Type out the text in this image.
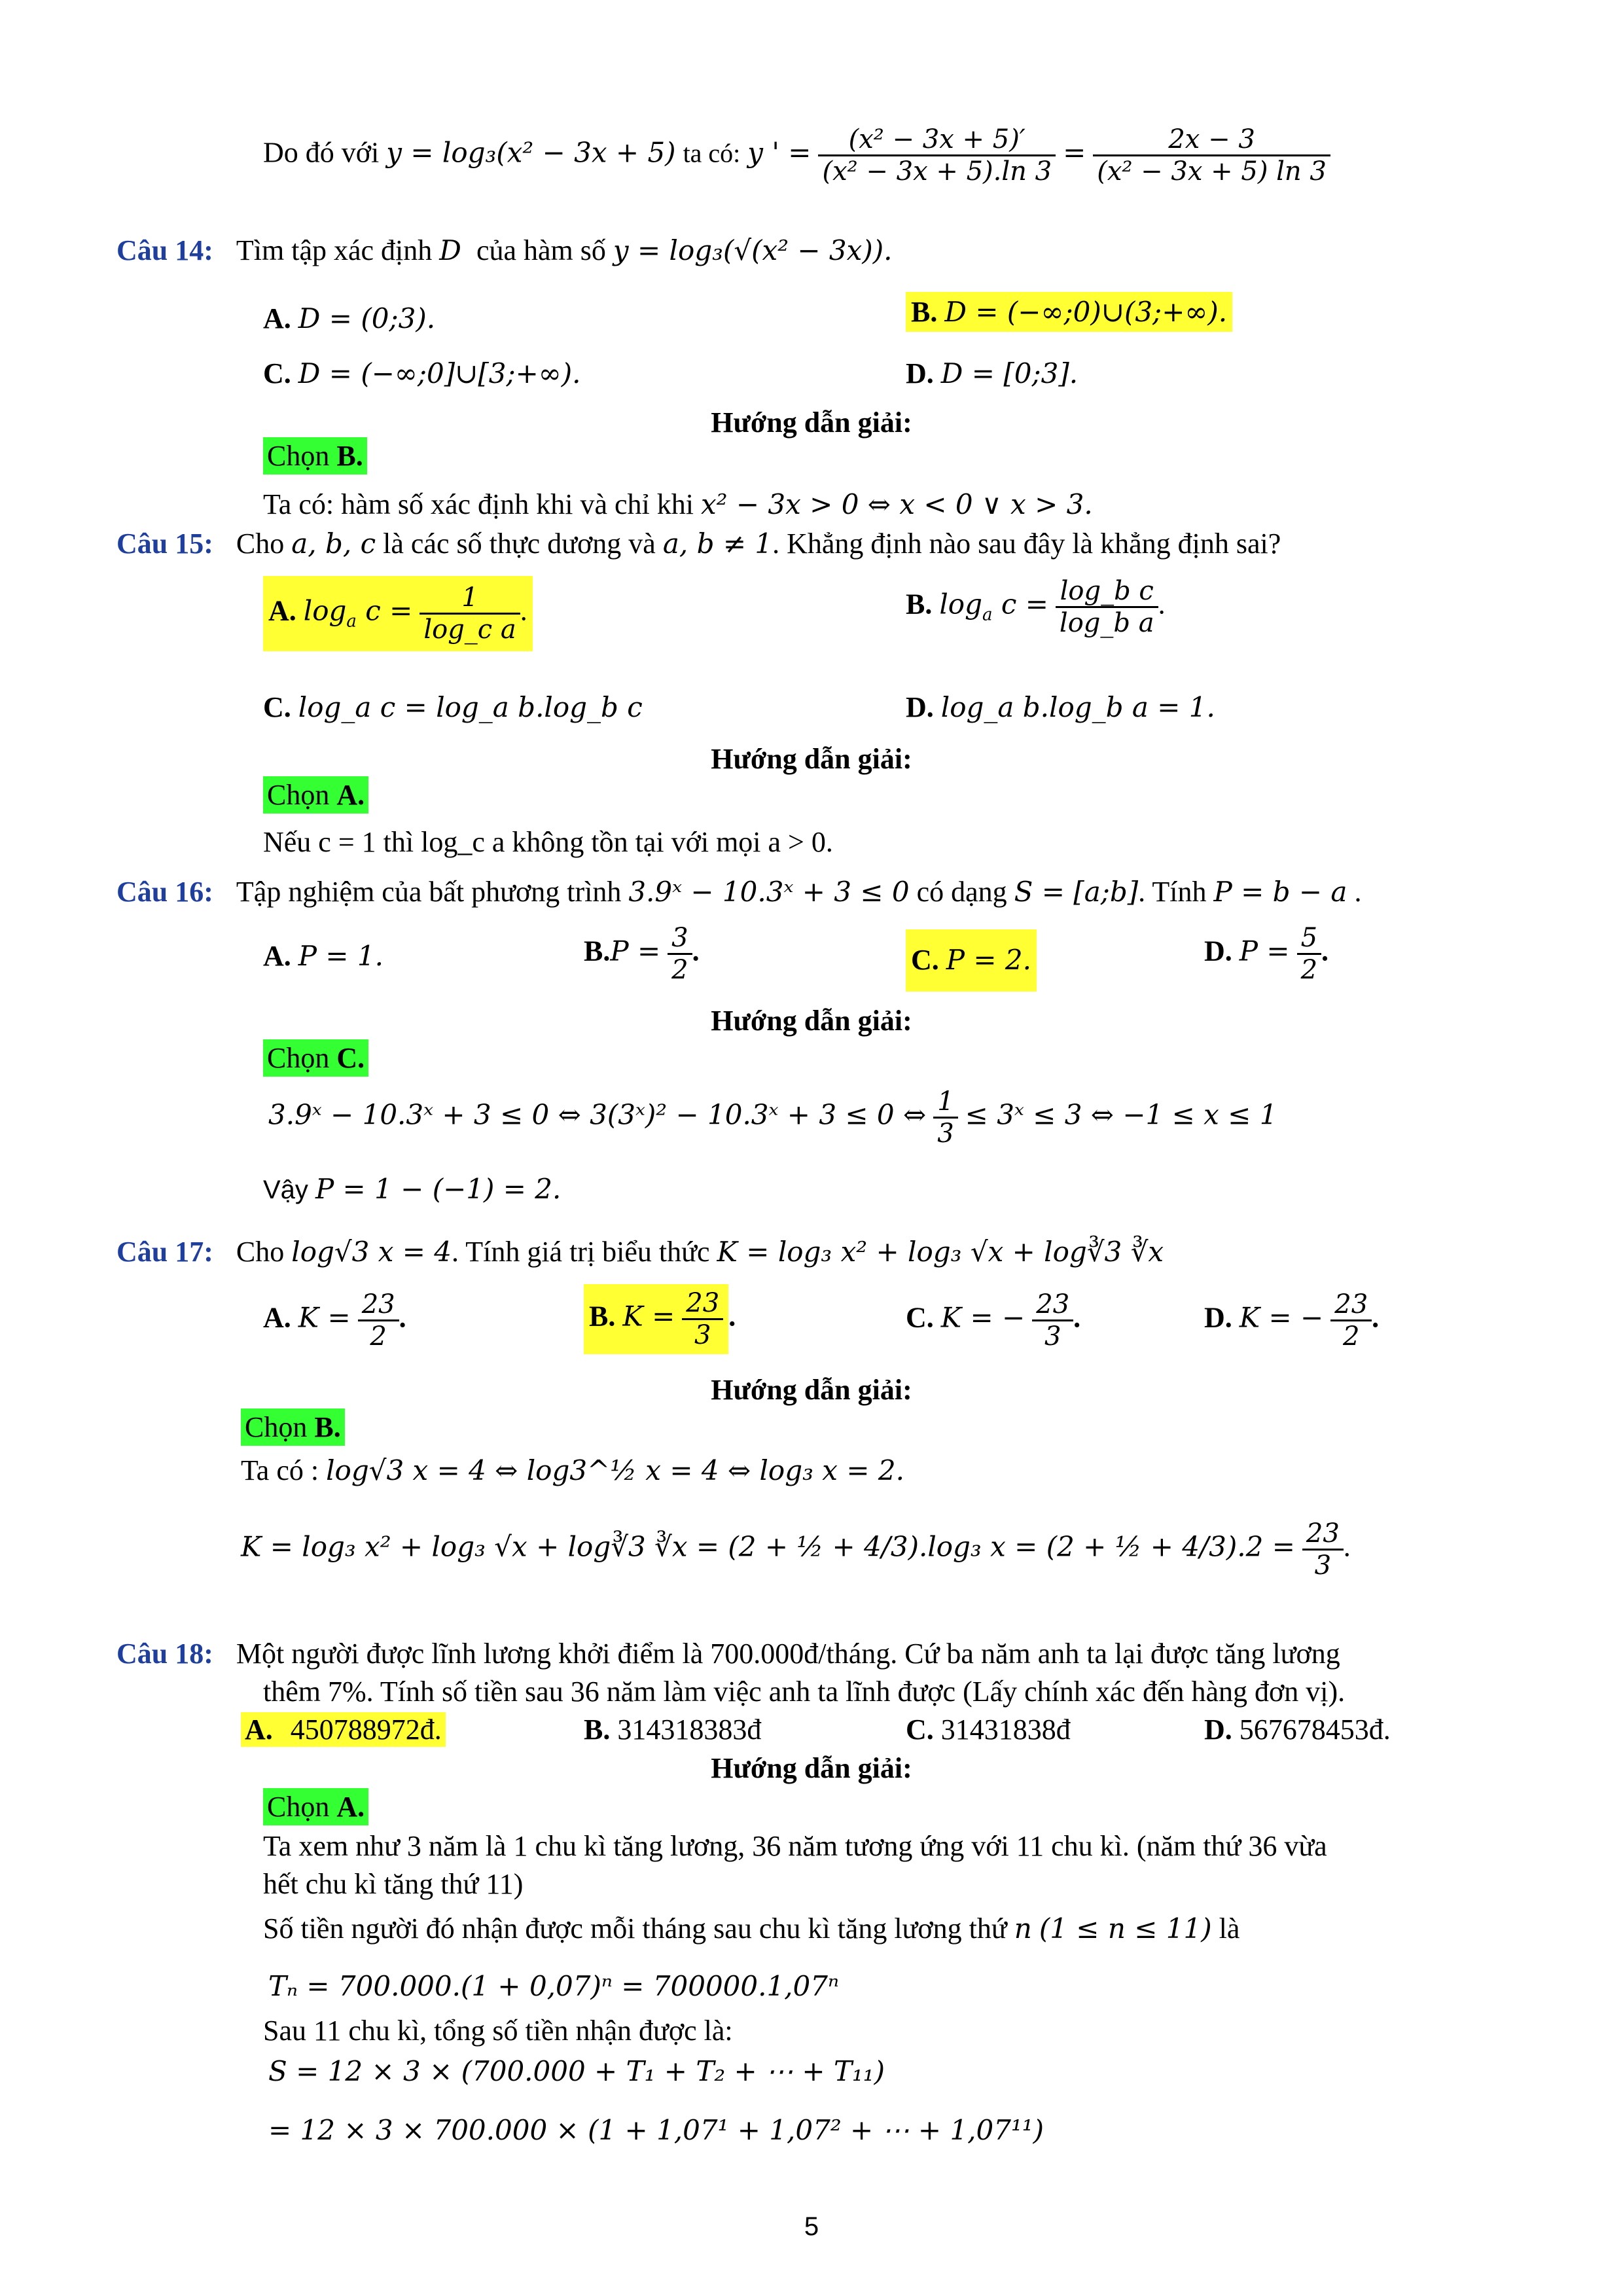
Do đó với y = log₃(x² − 3x + 5) ta có: y ' = $\frac{\text{(x² − 3x + 5)′}}{\text{(x² − 3x + 5).ln 3}} = \frac{2x - 3}{\text{(x² − 3x + 5) ln 3}}$
Câu 14: Tìm tập xác định D của hàm số y = log₃(√(x² − 3x)).
A. D = (0;3).	B. D = (−∞;0)∪(3;+∞).
C. D = (−∞;0]∪[3;+∞).	D. D = [0;3].
Hướng dẫn giải:
Chọn B.
Ta có: hàm số xác định khi và chỉ khi x² − 3x > 0 ⇔ x < 0 ∨ x > 3.
Câu 15: Cho a, b, c là các số thực dương và a, b ≠ 1. Khẳng định nào sau đây là khẳng định sai?
A. $\log_a c = \frac{1}{\text{log\_c a}}$ .	B. $\log_a c = \frac{\text{log\_b c}}{\text{log\_b a}}$ .
C. log_a c = log_a b.log_b c	D. log_a b.log_b a = 1.
Hướng dẫn giải:
Chọn A.
Nếu c = 1 thì log_c a không tồn tại với mọi a > 0.
Câu 16: Tập nghiệm của bất phương trình 3.9ˣ − 10.3ˣ + 3 ≤ 0 có dạng S = [a;b]. Tính P = b − a .
A. P = 1.	$B.P = \frac{3}{2}$ .	C. P = 2.	D. $P = \frac{5}{2}$ .
Hướng dẫn giải:
Chọn C.
3.9ˣ − 10.3ˣ + 3 ≤ 0 ⇔ 3(3ˣ)² − 10.3ˣ + 3 ≤ 0 ⇔ $\frac{1}{3}$ ≤ 3ˣ ≤ 3 ⇔ −1 ≤ x ≤ 1
Vậy P = 1 − (−1) = 2.
Câu 17: Cho log√3 x = 4. Tính giá trị biểu thức K = log₃ x² + log₃ √x + log∛3 ∛x
A. $K = \frac{23}{2}$ .	B. $K = \frac{23}{3}$ .	C. K = − $\frac{23}{3}$ .	D. K = − $\frac{23}{2}$ .
Hướng dẫn giải:
Chọn B.
Ta có : log√3 x = 4 ⇔ log3^½ x = 4 ⇔ log₃ x = 2.
K = log₃ x² + log₃ √x + log∛3 ∛x = (2 + ½ + 4/3).log₃ x = (2 + ½ + $4/3).2 = \frac{23}{3}$ .
Câu 18: Một người được lĩnh lương khởi điểm là 700.000đ/tháng. Cứ ba năm anh ta lại được tăng lương
thêm 7%. Tính số tiền sau 36 năm làm việc anh ta lĩnh được (Lấy chính xác đến hàng đơn vị).
A. 450788972đ.	B. 314318383đ	C. 31431838đ	D. 567678453đ.
Hướng dẫn giải:
Chọn A.
Ta xem như 3 năm là 1 chu kì tăng lương, 36 năm tương ứng với 11 chu kì. (năm thứ 36 vừa
hết chu kì tăng thứ 11)
Số tiền người đó nhận được mỗi tháng sau chu kì tăng lương thứ n (1 ≤ n ≤ 11) là
Tₙ = 700.000.(1 + 0,07)ⁿ = 700000.1,07ⁿ
Sau 11 chu kì, tổng số tiền nhận được là:
S = 12 × 3 × (700.000 + T₁ + T₂ + ⋯ + T₁₁)
= 12 × 3 × 700.000 × (1 + 1,07¹ + 1,07² + ⋯ + 1,07¹¹)
5
